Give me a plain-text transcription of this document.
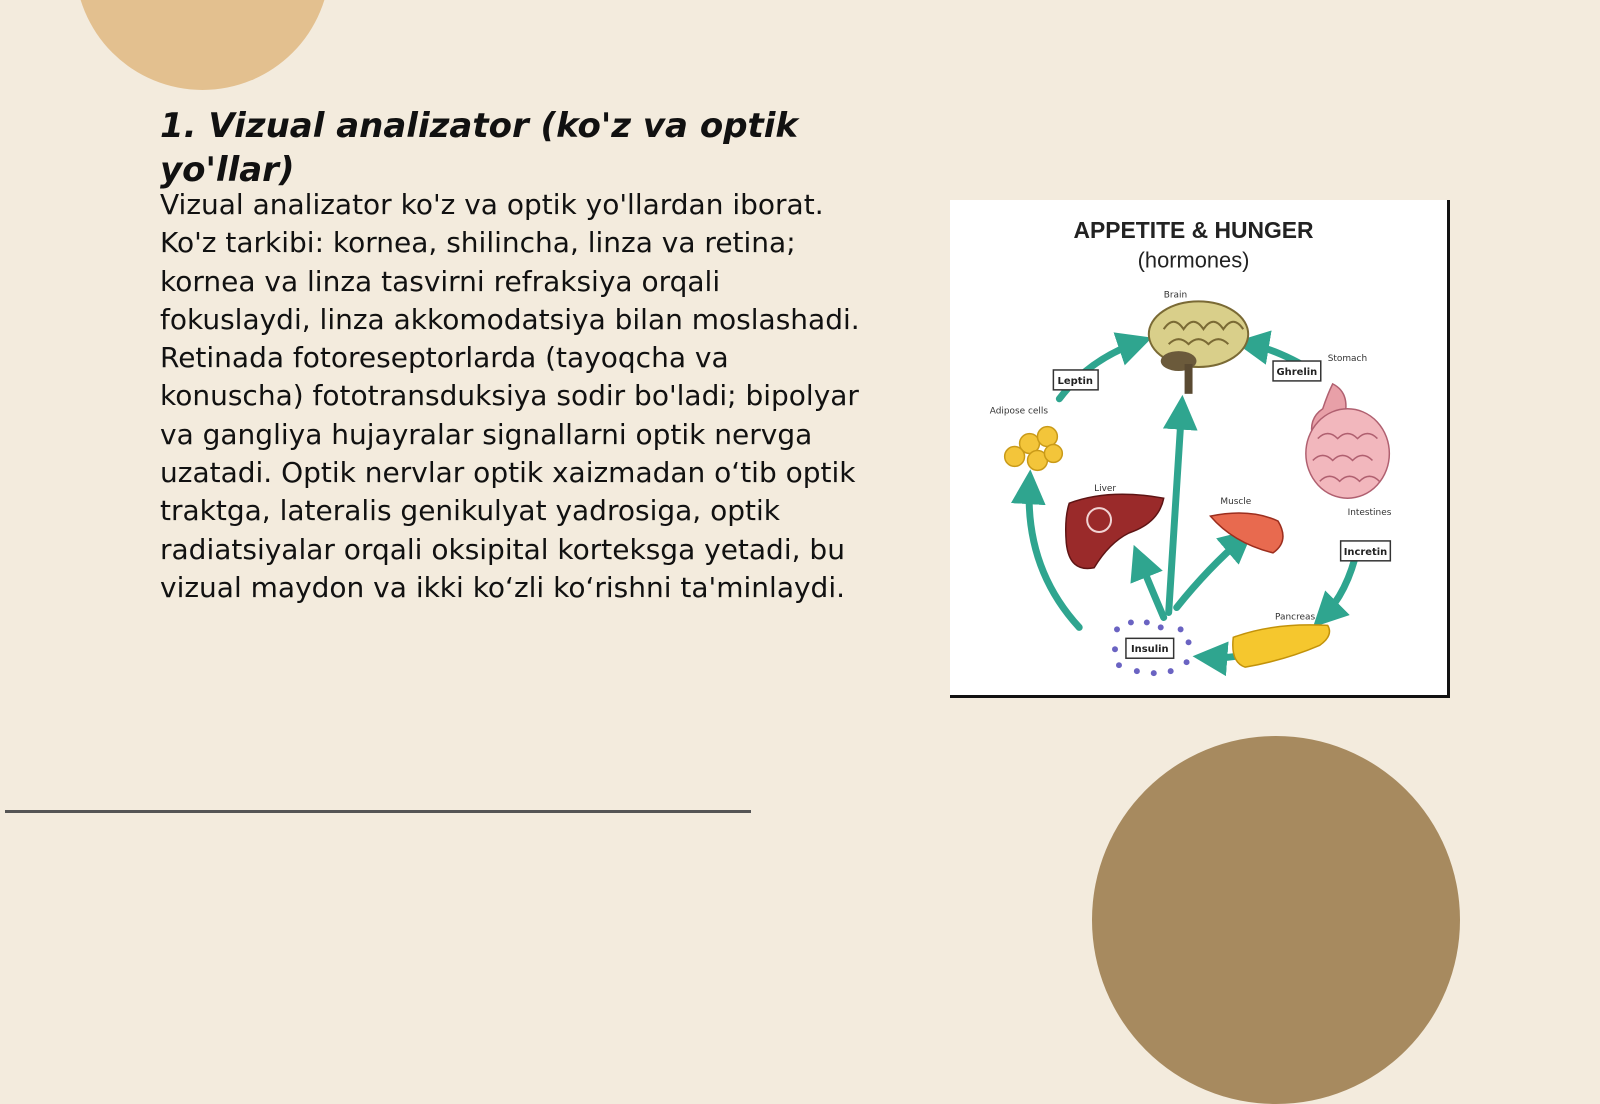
1. Vizual analizator (ko'z va optik yo'llar)

Vizual analizator ko'z va optik yo'llardan iborat. Ko'z tarkibi: kornea, shilincha, linza va retina; kornea va linza tasvirni refraksiya orqali fokuslaydi, linza akkomodatsiya bilan moslashadi. Retinada fotoreseptorlarda (tayoqcha va konuscha) fototransduksiya sodir bo'ladi; bipolyar va gangliya hujayralar signallarni optik nervga uzatadi. Optik nervlar optik xaizmadan o‘tib optik traktga, lateralis genikulyat yadrosiga, optik radiatsiyalar orqali oksipital korteksga yetadi, bu vizual maydon va ikki ko‘zli ko‘rishni ta'minlaydi.

APPETITE & HUNGER
(hormones)
Brain
Stomach
Intestines
Adipose cells
Liver
Muscle
Pancreas
Leptin
Ghrelin
Incretin
Insulin
